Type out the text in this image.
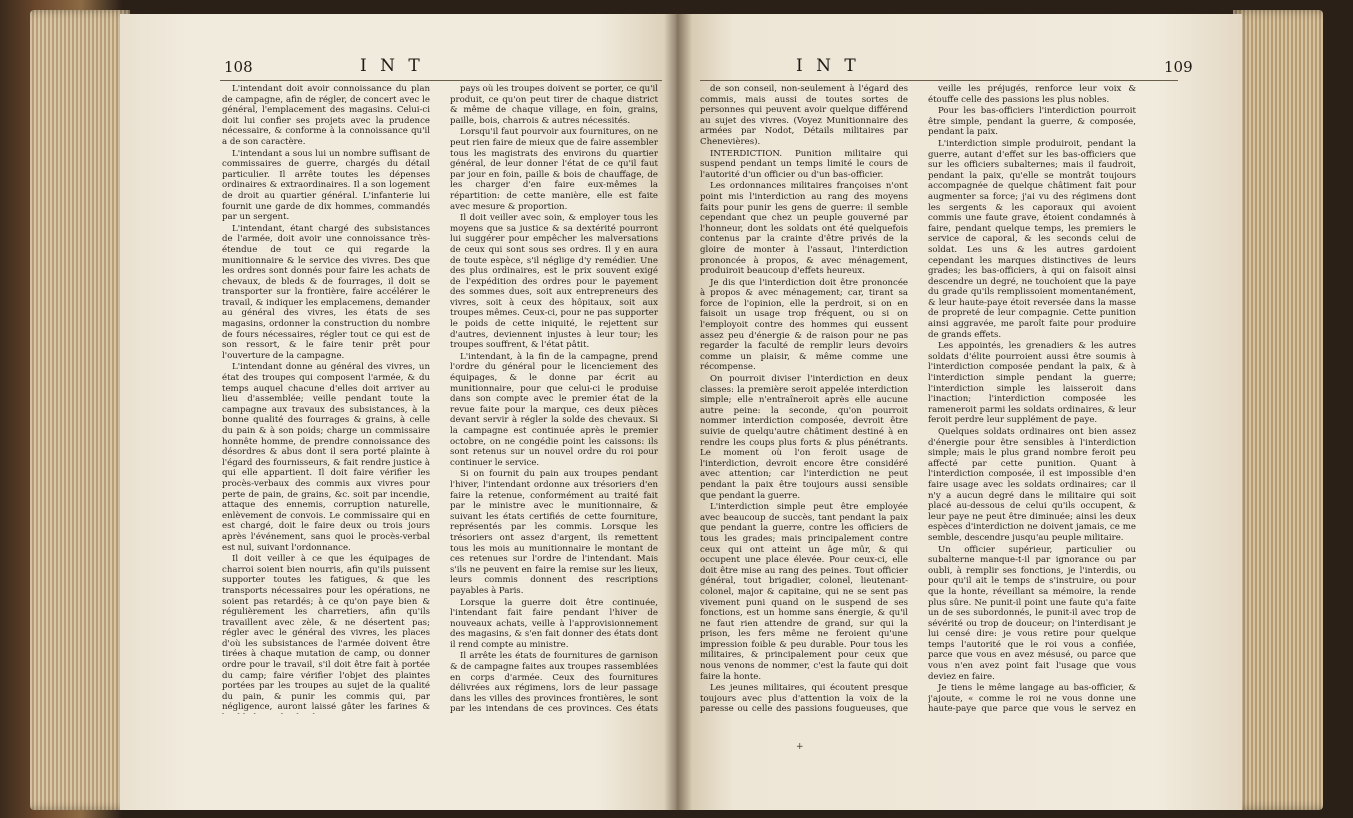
108	I N T

L'intendant doit avoir connoissance du plan de campagne, afin de régler, de concert avec le général, l'emplacement des magasins. Celui-ci doit lui confier ses projets avec la prudence nécessaire, & conforme à la connoissance qu'il a de son caractère.

L'intendant a sous lui un nombre suffisant de commissaires de guerre, chargés du détail particulier. Il arrête toutes les dépenses ordinaires & extraordinaires. Il a son logement de droit au quartier général. L'infanterie lui fournit une garde de dix hommes, commandés par un sergent.

L'intendant, étant chargé des subsistances de l'armée, doit avoir une connoissance très-étendue de tout ce qui regarde la munitionnaire & le service des vivres. Des que les ordres sont donnés pour faire les achats de chevaux, de bleds & de fourrages, il doit se transporter sur la frontière, faire accélérer le travail, & indiquer les emplacemens, demander au général des vivres, les états de ses magasins, ordonner la construction du nombre de fours nécessaires, régler tout ce qui est de son ressort, & le faire tenir prêt pour l'ouverture de la campagne.

L'intendant donne au général des vivres, un état des troupes qui composent l'armée, & du temps auquel chacune d'elles doit arriver au lieu d'assemblée; veille pendant toute la campagne aux travaux des subsistances, à la bonne qualité des fourrages & grains, à celle du pain & à son poids; charge un commissaire honnête homme, de prendre connoissance des désordres & abus dont il sera porté plainte à l'égard des fournisseurs, & fait rendre justice à qui elle appartient. Il doit faire vérifier les procès-verbaux des commis aux vivres pour perte de pain, de grains, &c. soit par incendie, attaque des ennemis, corruption naturelle, enlèvement de convois. Le commissaire qui en est chargé, doit le faire deux ou trois jours après l'événement, sans quoi le procès-verbal est nul, suivant l'ordonnance.

Il doit veiller à ce que les équipages de charroi soient bien nourris, afin qu'ils puissent supporter toutes les fatigues, & que les transports nécessaires pour les opérations, ne soient pas retardés; à ce qu'on paye bien & régulièrement les charretiers, afin qu'ils travaillent avec zèle, & ne désertent pas; régler avec le général des vivres, les places d'où les subsistances de l'armée doivent être tirées à chaque mutation de camp, ou donner ordre pour le travail, s'il doit être fait à portée du camp; faire vérifier l'objet des plaintes portées par les troupes au sujet de la qualité du pain, & punir les commis qui, par négligence, auront laissé gâter les farines &

pays où les troupes doivent se porter, ce qu'il produit, ce qu'on peut tirer de chaque district & même de chaque village, en foin, grains, paille, bois, charrois & autres nécessités.

Lorsqu'il faut pourvoir aux fournitures, on ne peut rien faire de mieux que de faire assembler tous les magistrats des environs du quartier général, de leur donner l'état de ce qu'il faut par jour en foin, paille & bois de chauffage, de les charger d'en faire eux-mêmes la répartition: de cette manière, elle est faite avec mesure & proportion.

Il doit veiller avec soin, & employer tous les moyens que sa justice & sa dextérité pourront lui suggérer pour empêcher les malversations de ceux qui sont sous ses ordres. Il y en aura de toute espèce, s'il néglige d'y remédier. Une des plus ordinaires, est le prix souvent exigé de l'expédition des ordres pour le payement des sommes dues, soit aux entrepreneurs des vivres, soit à ceux des hôpitaux, soit aux troupes mêmes. Ceux-ci, pour ne pas supporter le poids de cette iniquité, le rejettent sur d'autres, deviennent injustes à leur tour; les troupes souffrent, & l'état pâtit.

L'intendant, à la fin de la campagne, prend l'ordre du général pour le licenciement des équipages, & le donne par écrit au munitionnaire, pour que celui-ci le produise dans son compte avec le premier état de la revue faite pour la marque, ces deux pièces devant servir à régler la solde des chevaux. Si la campagne est continuée après le premier octobre, on ne congédie point les caissons: ils sont retenus sur un nouvel ordre du roi pour continuer le service.

Si on fournit du pain aux troupes pendant l'hiver, l'intendant ordonne aux trésoriers d'en faire la retenue, conformément au traité fait par le ministre avec le munitionnaire, & suivant les états certifiés de cette fourniture, représentés par les commis. Lorsque les trésoriers ont assez d'argent, ils remettent tous les mois au munitionnaire le montant de ces retenues sur l'ordre de l'intendant. Mais s'ils ne peuvent en faire la remise sur les lieux, leurs commis donnent des rescriptions payables à Paris.

Lorsque la guerre doit être continuée, l'intendant fait faire pendant l'hiver de nouveaux achats, veille à l'approvisionnement des magasins, & s'en fait donner des états dont il rend compte au ministre.

Il arrête les états de fournitures de garnison & de campagne faites aux troupes rassemblées en corps d'armée. Ceux des fournitures délivrées aux régimens, lors de leur passage dans les villes des provinces frontières, le sont par les intendans de ces provinces. Ces états

I N T	109

de son conseil, non-seulement à l'égard des commis, mais aussi de toutes sortes de personnes qui peuvent avoir quelque différend au sujet des vivres. (Voyez Munitionnaire des armées par Nodot, Détails militaires par Chenevières).

INTERDICTION. Punition militaire qui suspend pendant un temps limité le cours de l'autorité d'un officier ou d'un bas-officier.

Les ordonnances militaires françoises n'ont point mis l'interdiction au rang des moyens faits pour punir les gens de guerre: il semble cependant que chez un peuple gouverné par l'honneur, dont les soldats ont été quelquefois contenus par la crainte d'être privés de la gloire de monter à l'assaut, l'interdiction prononcée à propos, & avec ménagement, produiroit beaucoup d'effets heureux.

Je dis que l'interdiction doit être prononcée à propos & avec ménagement; car, tirant sa force de l'opinion, elle la perdroit, si on en faisoit un usage trop fréquent, ou si on l'employoit contre des hommes qui eussent assez peu d'énergie & de raison pour ne pas regarder la faculté de remplir leurs devoirs comme un plaisir, & même comme une récompense.

On pourroit diviser l'interdiction en deux classes: la première seroit appelée interdiction simple; elle n'entraîneroit après elle aucune autre peine: la seconde, qu'on pourroit nommer interdiction composée, devroit être suivie de quelqu'autre châtiment destiné à en rendre les coups plus forts & plus pénétrants. Le moment où l'on feroit usage de l'interdiction, devroit encore être considéré avec attention; car l'interdiction ne peut pendant la paix être toujours aussi sensible que pendant la guerre.

L'interdiction simple peut être employée avec beaucoup de succès, tant pendant la paix que pendant la guerre, contre les officiers de tous les grades; mais principalement contre ceux qui ont atteint un âge mûr, & qui occupent une place élevée. Pour ceux-ci, elle doit être mise au rang des peines. Tout officier général, tout brigadier, colonel, lieutenant-colonel, major & capitaine, qui ne se sent pas vivement puni quand on le suspend de ses fonctions, est un homme sans énergie, & qu'il ne faut rien attendre de grand, sur qui la prison, les fers même ne feroient qu'une impression foible & peu durable. Pour tous les militaires, & principalement pour ceux que nous venons de nommer, c'est la faute qui doit faire la honte.

Les jeunes militaires, qui écoutent presque toujours avec plus d'attention la voix de la paresse ou celle des passions fougueuses, que

veille les préjugés, renforce leur voix & étouffe celle des passions les plus nobles.

Pour les bas-officiers l'interdiction pourroit être simple, pendant la guerre, & composée, pendant la paix.

L'interdiction simple produiroit, pendant la guerre, autant d'effet sur les bas-officiers que sur les officiers subalternes; mais il faudroit, pendant la paix, qu'elle se montrât toujours accompagnée de quelque châtiment fait pour augmenter sa force; j'ai vu des régimens dont les sergents & les caporaux qui avoient commis une faute grave, étoient condamnés à faire, pendant quelque temps, les premiers le service de caporal, & les seconds celui de soldat. Les uns & les autres gardoient cependant les marques distinctives de leurs grades; les bas-officiers, à qui on faisoit ainsi descendre un degré, ne touchoient que la paye du grade qu'ils remplissoient momentanément, & leur haute-paye étoit reversée dans la masse de propreté de leur compagnie. Cette punition ainsi aggravée, me paroît faite pour produire de grands effets.

Les appointés, les grenadiers & les autres soldats d'élite pourroient aussi être soumis à l'interdiction composée pendant la paix, & à l'interdiction simple pendant la guerre; l'interdiction simple les laisseroit dans l'inaction; l'interdiction composée les rameneroit parmi les soldats ordinaires, & leur feroit perdre leur supplément de paye.

Quelques soldats ordinaires ont bien assez d'énergie pour être sensibles à l'interdiction simple; mais le plus grand nombre feroit peu affecté par cette punition. Quant à l'interdiction composée, il est impossible d'en faire usage avec les soldats ordinaires; car il n'y a aucun degré dans le militaire qui soit placé au-dessous de celui qu'ils occupent, & leur paye ne peut être diminuée; ainsi les deux espèces d'interdiction ne doivent jamais, ce me semble, descendre jusqu'au peuple militaire.

Un officier supérieur, particulier ou subalterne manque-t-il par ignorance ou par oubli, à remplir ses fonctions, je l'interdis, ou pour qu'il ait le temps de s'instruire, ou pour que la honte, réveillant sa mémoire, la rende plus sûre. Ne punit-il point une faute qu'a faite un de ses subordonnés, le punit-il avec trop de sévérité ou trop de douceur; on l'interdisant je lui censé dire: je vous retire pour quelque temps l'autorité que le roi vous a confiée, parce que vous en avez mésusé, ou parce que vous n'en avez point fait l'usage que vous deviez en faire.

Je tiens le même langage au bas-officier, & j'ajoute, « comme le roi ne vous donne une haute-paye que parce que vous le servez en

+
